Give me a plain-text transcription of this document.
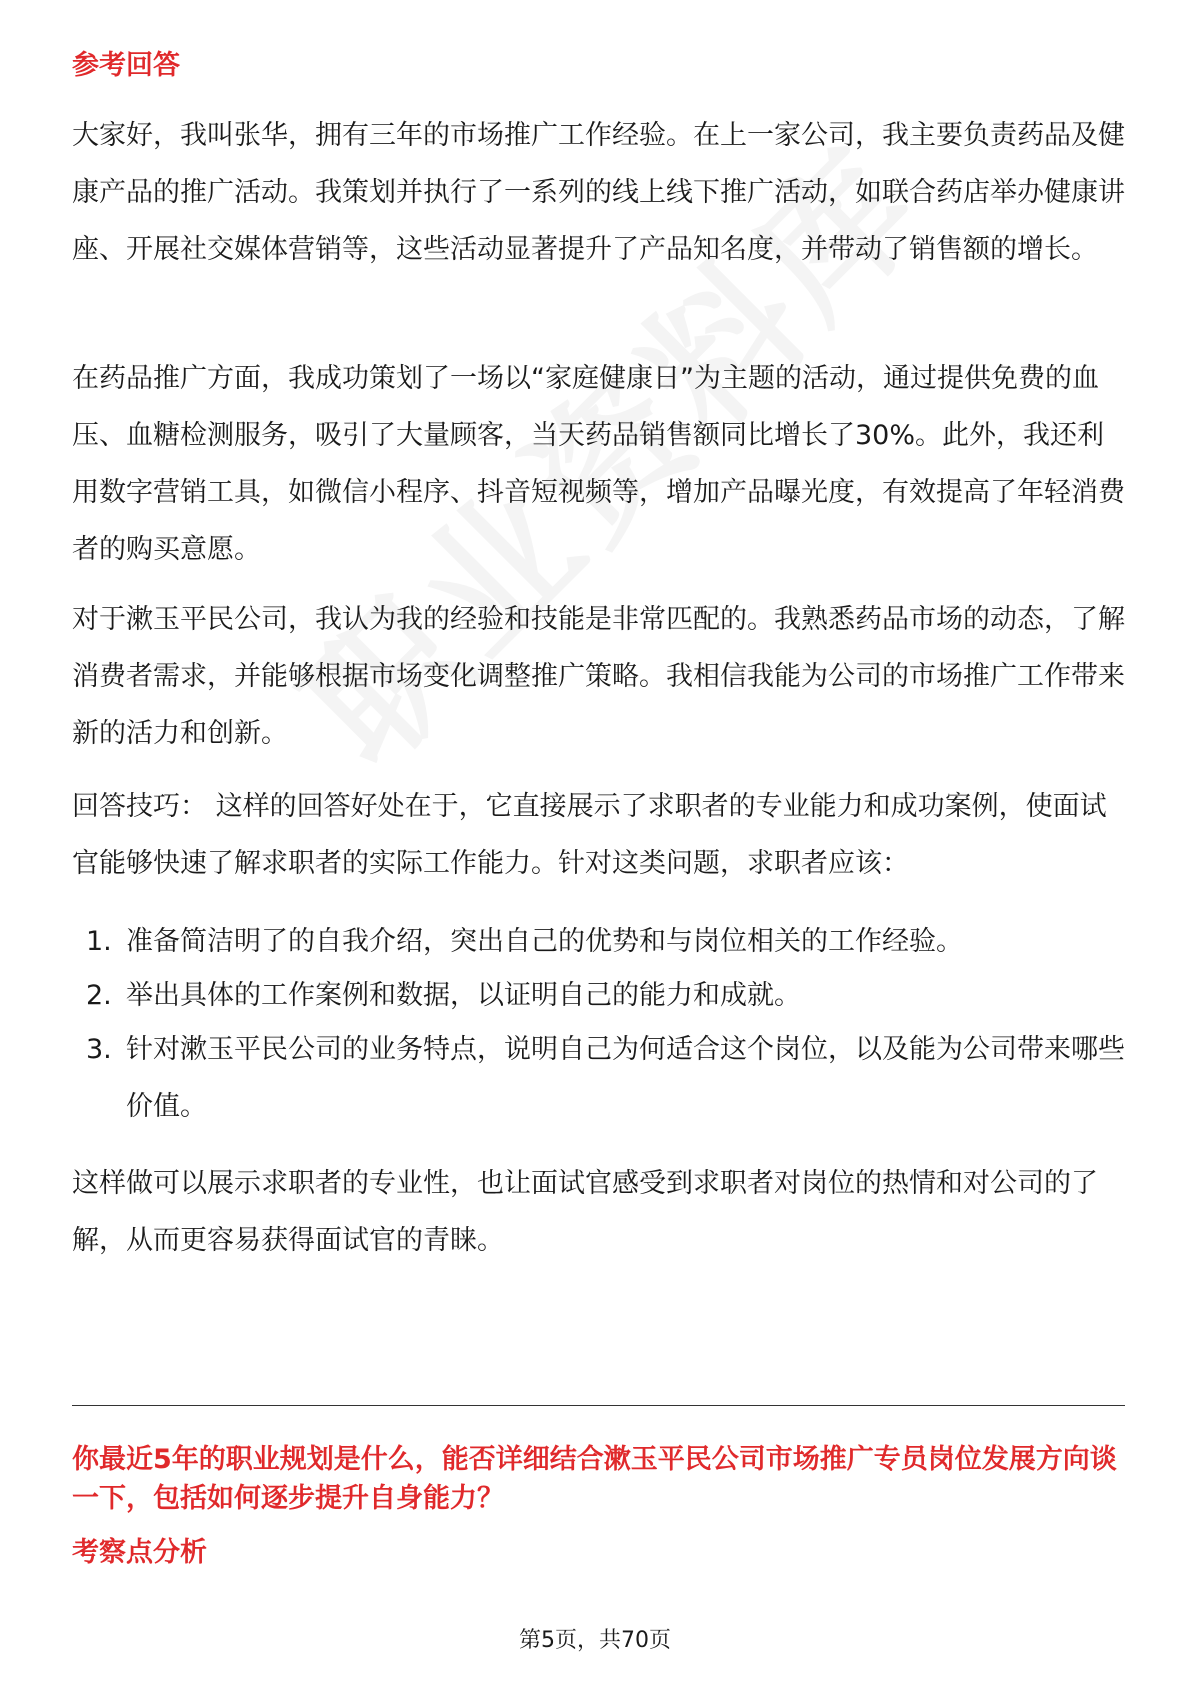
参考回答

大家好，我叫张华，拥有三年的市场推广工作经验。在上一家公司，我主要负责药品及健康产品的推广活动。我策划并执行了一系列的线上线下推广活动，如联合药店举办健康讲座、开展社交媒体营销等，这些活动显著提升了产品知名度，并带动了销售额的增长。

在药品推广方面，我成功策划了一场以“家庭健康日”为主题的活动，通过提供免费的血压、血糖检测服务，吸引了大量顾客，当天药品销售额同比增长了30%。此外，我还利用数字营销工具，如微信小程序、抖音短视频等，增加产品曝光度，有效提高了年轻消费者的购买意愿。

对于漱玉平民公司，我认为我的经验和技能是非常匹配的。我熟悉药品市场的动态，了解消费者需求，并能够根据市场变化调整推广策略。我相信我能为公司的市场推广工作带来新的活力和创新。

回答技巧： 这样的回答好处在于，它直接展示了求职者的专业能力和成功案例，使面试官能够快速了解求职者的实际工作能力。针对这类问题，求职者应该：

1. 准备简洁明了的自我介绍，突出自己的优势和与岗位相关的工作经验。
2. 举出具体的工作案例和数据，以证明自己的能力和成就。
3. 针对漱玉平民公司的业务特点，说明自己为何适合这个岗位，以及能为公司带来哪些价值。

这样做可以展示求职者的专业性，也让面试官感受到求职者对岗位的热情和对公司的了解，从而更容易获得面试官的青睐。

你最近5年的职业规划是什么，能否详细结合漱玉平民公司市场推广专员岗位发展方向谈一下，包括如何逐步提升自身能力？
考察点分析
第5页，共70页
